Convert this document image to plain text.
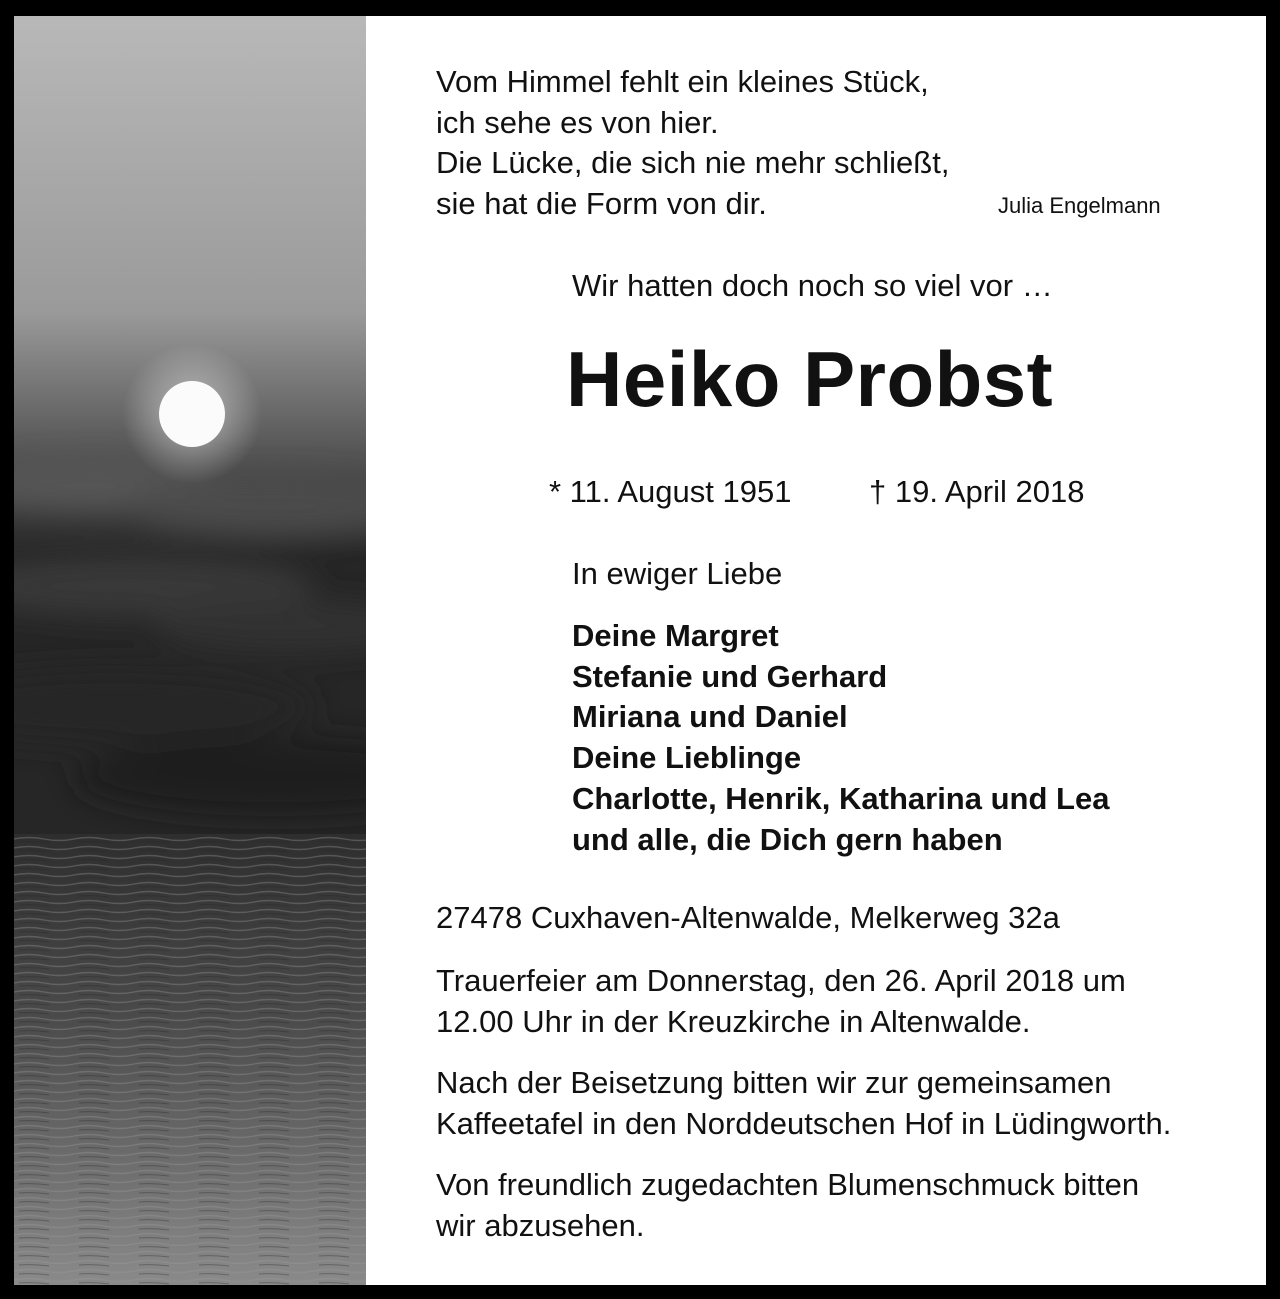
Vom Himmel fehlt ein kleines Stück,
ich sehe es von hier.
Die Lücke, die sich nie mehr schließt,
sie hat die Form von dir.	Julia Engelmann
Wir hatten doch noch so viel vor …
Heiko Probst
* 11. August 1951	† 19. April 2018
In ewiger Liebe
Deine Margret
Stefanie und Gerhard
Miriana und Daniel
Deine Lieblinge
Charlotte, Henrik, Katharina und Lea
und alle, die Dich gern haben
27478 Cuxhaven-Altenwalde, Melkerweg 32a
Trauerfeier am Donnerstag, den 26. April 2018 um
12.00 Uhr in der Kreuzkirche in Altenwalde.
Nach der Beisetzung bitten wir zur gemeinsamen
Kaffeetafel in den Norddeutschen Hof in Lüdingworth.
Von freundlich zugedachten Blumenschmuck bitten
wir abzusehen.
